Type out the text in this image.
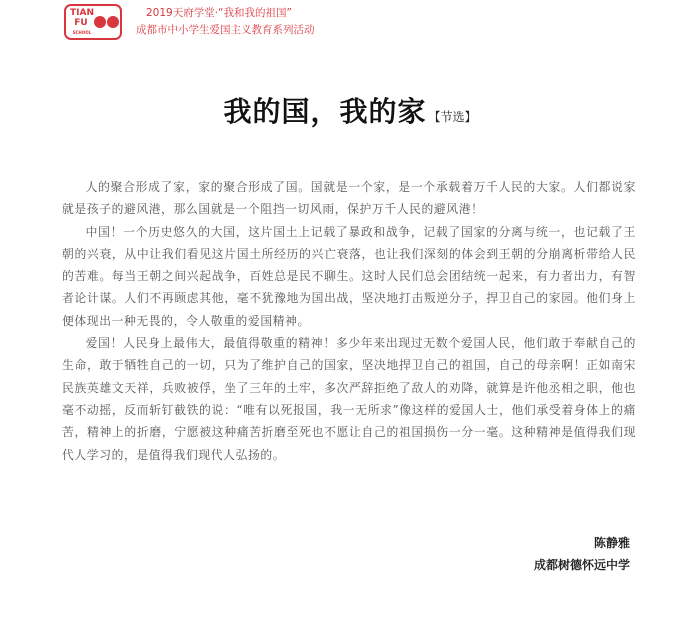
TIAN
FU
SCHOOL
2019天府学堂·“我和我的祖国”
成都市中小学生爱国主义教育系列活动
我的国，我的家 【节选】

人的聚合形成了家，家的聚合形成了国。国就是一个家，是一个承载着万千人民的大家。人们都说家就是孩子的避风港，那么国就是一个阻挡一切风雨，保护万千人民的避风港！

中国！一个历史悠久的大国，这片国土上记载了暴政和战争，记载了国家的分离与统一，也记载了王朝的兴衰，从中让我们看见这片国土所经历的兴亡衰落，也让我们深刻的体会到王朝的分崩离析带给人民的苦难。每当王朝之间兴起战争，百姓总是民不聊生。这时人民们总会团结统一起来，有力者出力，有智者论计谋。人们不再顾虑其他，毫不犹豫地为国出战，坚决地打击叛逆分子，捍卫自己的家园。他们身上便体现出一种无畏的，令人敬重的爱国精神。

爱国！人民身上最伟大，最值得敬重的精神！多少年来出现过无数个爱国人民，他们敢于奉献自己的生命，敢于牺牲自己的一切，只为了维护自己的国家，坚决地捍卫自己的祖国，自己的母亲啊！正如南宋民族英雄文天祥，兵败被俘，坐了三年的土牢，多次严辞拒绝了敌人的劝降，就算是许他丞相之职，他也毫不动摇，反而斩钉截铁的说：“唯有以死报国，我一无所求”像这样的爱国人士，他们承受着身体上的痛苦，精神上的折磨，宁愿被这种痛苦折磨至死也不愿让自己的祖国损伤一分一毫。这种精神是值得我们现代人学习的，是值得我们现代人弘扬的。

陈静雅
成都树德怀远中学
